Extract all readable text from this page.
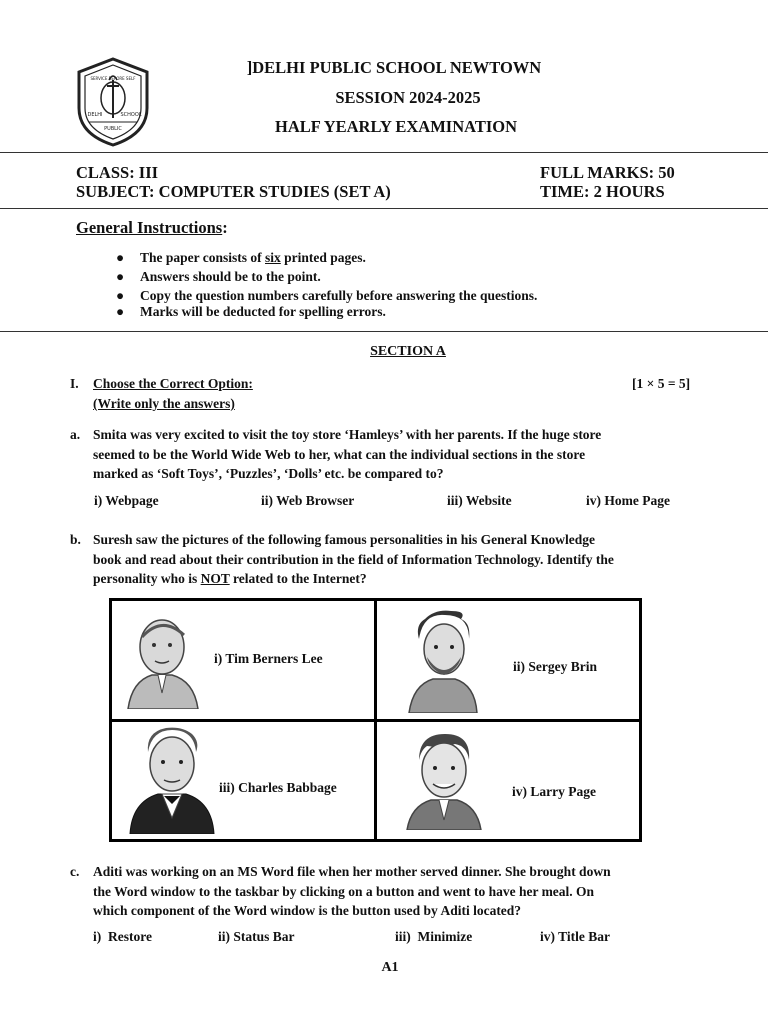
SERVICE BEFORE SELF
DELHI
PUBLIC
SCHOOL
]DELHI PUBLIC SCHOOL NEWTOWN
SESSION 2024-2025
HALF YEARLY EXAMINATION
CLASS: III
SUBJECT: COMPUTER STUDIES (SET A)
FULL MARKS: 50
TIME: 2 HOURS
General Instructions:
● The paper consists of six printed pages.
● Answers should be to the point.
● Copy the question numbers carefully before answering the questions.
● Marks will be deducted for spelling errors.
SECTION A
I. Choose the Correct Option:
(Write only the answers)
[1 × 5 = 5]
a. Smita was very excited to visit the toy store ‘Hamleys’ with her parents. If the huge store
seemed to be the World Wide Web to her, what can the individual sections in the store
marked as ‘Soft Toys’, ‘Puzzles’, ‘Dolls’ etc. be compared to?
i) Webpage	ii) Web Browser	iii) Website	iv) Home Page
b. Suresh saw the pictures of the following famous personalities in his General Knowledge
book and read about their contribution in the field of Information Technology. Identify the
personality who is NOT related to the Internet?
i) Tim Berners Lee	ii) Sergey Brin

iii) Charles Babbage	iv) Larry Page
c. Aditi was working on an MS Word file when her mother served dinner. She brought down
the Word window to the taskbar by clicking on a button and went to have her meal. On
which component of the Word window is the button used by Aditi located?
i)  Restore	ii) Status Bar	iii)  Minimize	iv) Title Bar
A1
